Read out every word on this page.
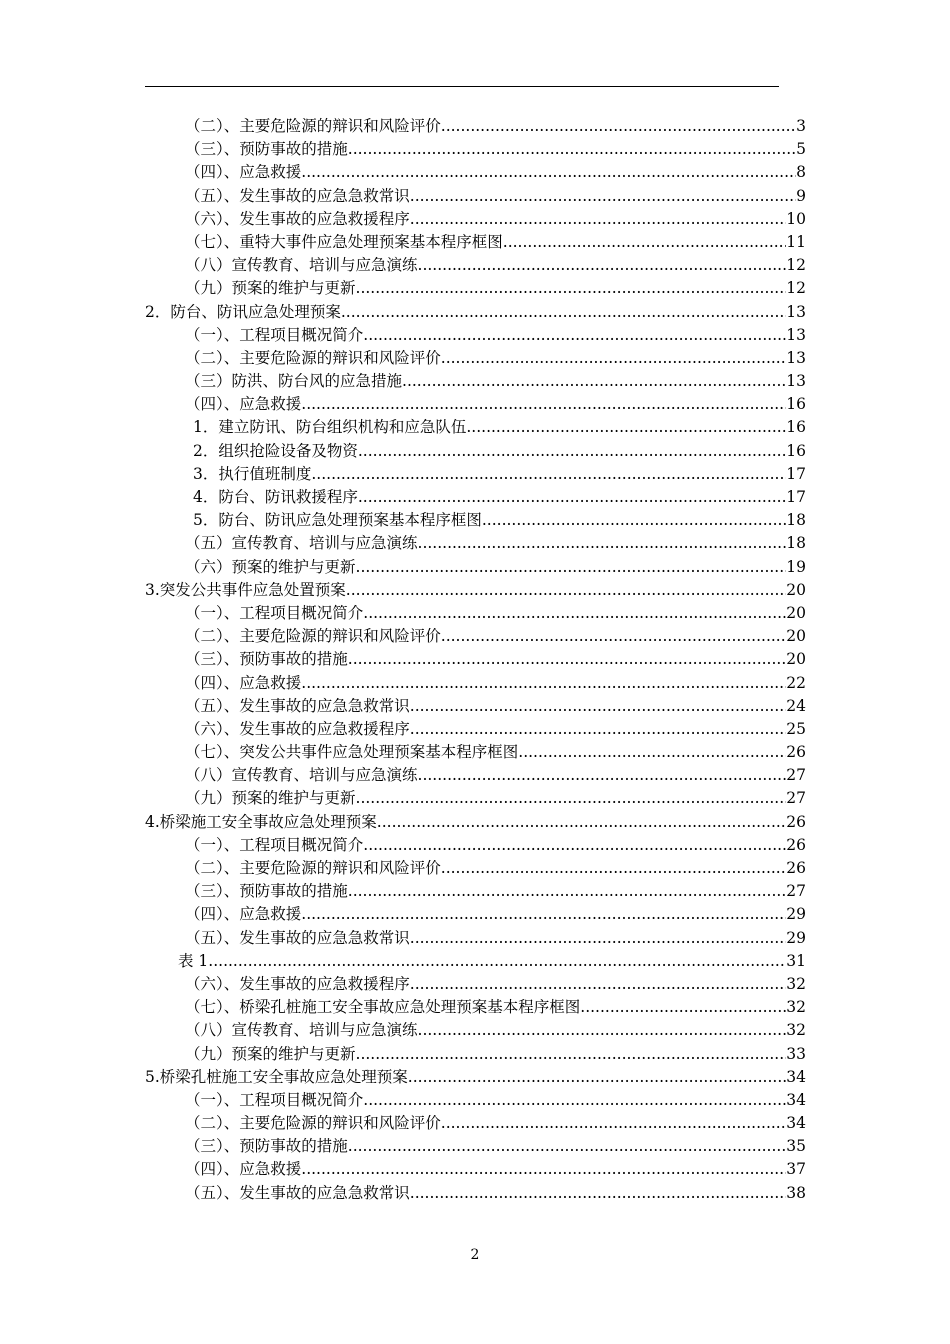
（二）、主要危险源的辩识和风险评价 .....	3
（三）、预防事故的措施 .....	5
（四）、应急救援 .....	8
（五）、发生事故的应急急救常识 .....	9
（六）、发生事故的应急救援程序 .....	10
（七）、重特大事件应急处理预案基本程序框图 .....	11
（八）宣传教育、培训与应急演练 .....	12
（九）预案的维护与更新 .....	12
2．防台、防讯应急处理预案 .....	13
（一）、工程项目概况简介 .....	13
（二）、主要危险源的辩识和风险评价 .....	13
（三）防洪、防台风的应急措施 .....	13
（四）、应急救援 .....	16
1．建立防讯、防台组织机构和应急队伍 .....	16
2．组织抢险设备及物资 .....	16
3．执行值班制度 .....	17
4．防台、防讯救援程序 .....	17
5．防台、防讯应急处理预案基本程序框图 .....	18
（五）宣传教育、培训与应急演练 .....	18
（六）预案的维护与更新 .....	19
3.突发公共事件应急处置预案 .....	20
（一）、工程项目概况简介 .....	20
（二）、主要危险源的辩识和风险评价 .....	20
（三）、预防事故的措施 .....	20
（四）、应急救援 .....	22
（五）、发生事故的应急急救常识 .....	24
（六）、发生事故的应急救援程序 .....	25
（七）、突发公共事件应急处理预案基本程序框图 .....	26
（八）宣传教育、培训与应急演练 .....	27
（九）预案的维护与更新 .....	27
4.桥梁施工安全事故应急处理预案 .....	26
（一）、工程项目概况简介 .....	26
（二）、主要危险源的辩识和风险评价 .....	26
（三）、预防事故的措施 .....	27
（四）、应急救援 .....	29
（五）、发生事故的应急急救常识 .....	29
表 1 .....	31
（六）、发生事故的应急救援程序 .....	32
（七）、桥梁孔桩施工安全事故应急处理预案基本程序框图 .....	32
（八）宣传教育、培训与应急演练 .....	32
（九）预案的维护与更新 .....	33
5.桥梁孔桩施工安全事故应急处理预案 .....	34
（一）、工程项目概况简介 .....	34
（二）、主要危险源的辩识和风险评价 .....	34
（三）、预防事故的措施 .....	35
（四）、应急救援 .....	37
（五）、发生事故的应急急救常识 .....	38
2
